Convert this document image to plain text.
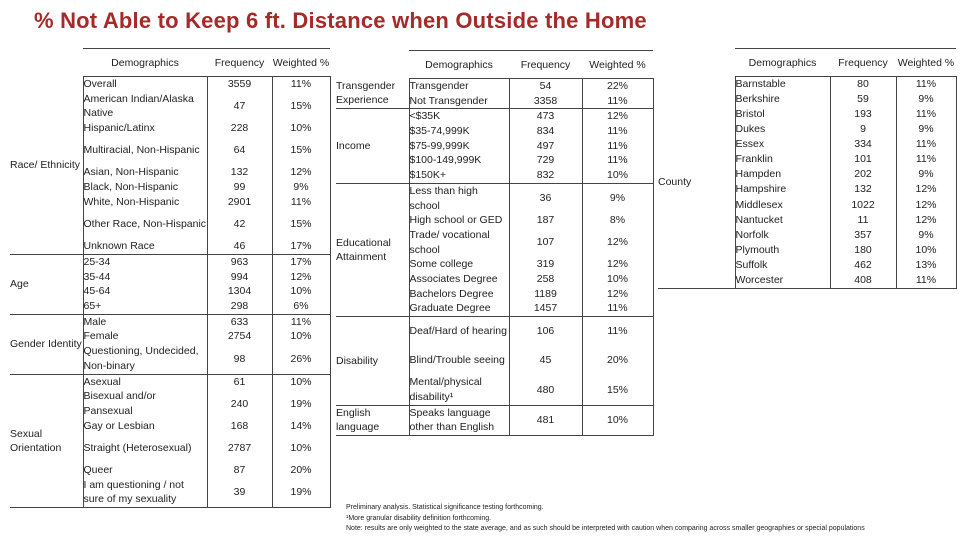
% Not Able to Keep 6 ft. Distance when Outside the Home
	Demographics	Frequency	Weighted %
Race/ Ethnicity	Overall	3559	11%
	American Indian/Alaska Native	47	15%
	Hispanic/Latinx	228	10%
	Multiracial, Non-Hispanic	64	15%
	Asian, Non-Hispanic	132	12%
	Black, Non-Hispanic	99	9%
	White, Non-Hispanic	2901	11%
	Other Race, Non-Hispanic	42	15%
	Unknown Race	46	17%
Age	25-34	963	17%
	35-44	994	12%
	45-64	1304	10%
	65+	298	6%
Gender Identity	Male	633	11%
	Female	2754	10%
	Questioning, Undecided, Non-binary	98	26%
Sexual Orientation	Asexual	61	10%
	Bisexual and/or Pansexual	240	19%
	Gay or Lesbian	168	14%
	Straight (Heterosexual)	2787	10%
	Queer	87	20%
	I am questioning / not sure of my sexuality	39	19%
	Demographics	Frequency	Weighted %
Transgender Experience	Transgender	54	22%
	Not Transgender	3358	11%
Income	<$35K	473	12%
	$35-74,999K	834	11%
	$75-99,999K	497	11%
	$100-149,999K	729	11%
	$150K+	832	10%
Educational Attainment	Less than high school	36	9%
	High school or GED	187	8%
	Trade/ vocational school	107	12%
	Some college	319	12%
	Associates Degree	258	10%
	Bachelors Degree	1189	12%
	Graduate Degree	1457	11%
Disability	Deaf/Hard of hearing	106	11%
	Blind/Trouble seeing	45	20%
	Mental/physical disability¹	480	15%
English language	Speaks language other than English	481	10%
	Demographics	Frequency	Weighted %
County	Barnstable	80	11%
	Berkshire	59	9%
	Bristol	193	11%
	Dukes	9	9%
	Essex	334	11%
	Franklin	101	11%
	Hampden	202	9%
	Hampshire	132	12%
	Middlesex	1022	12%
	Nantucket	11	12%
	Norfolk	357	9%
	Plymouth	180	10%
	Suffolk	462	13%
	Worcester	408	11%
Preliminary analysis. Statistical significance testing forthcoming.
¹More granular disability definition forthcoming.
Note: results are only weighted to the state average, and as such should be interpreted with caution when comparing across smaller geographies or special populations
